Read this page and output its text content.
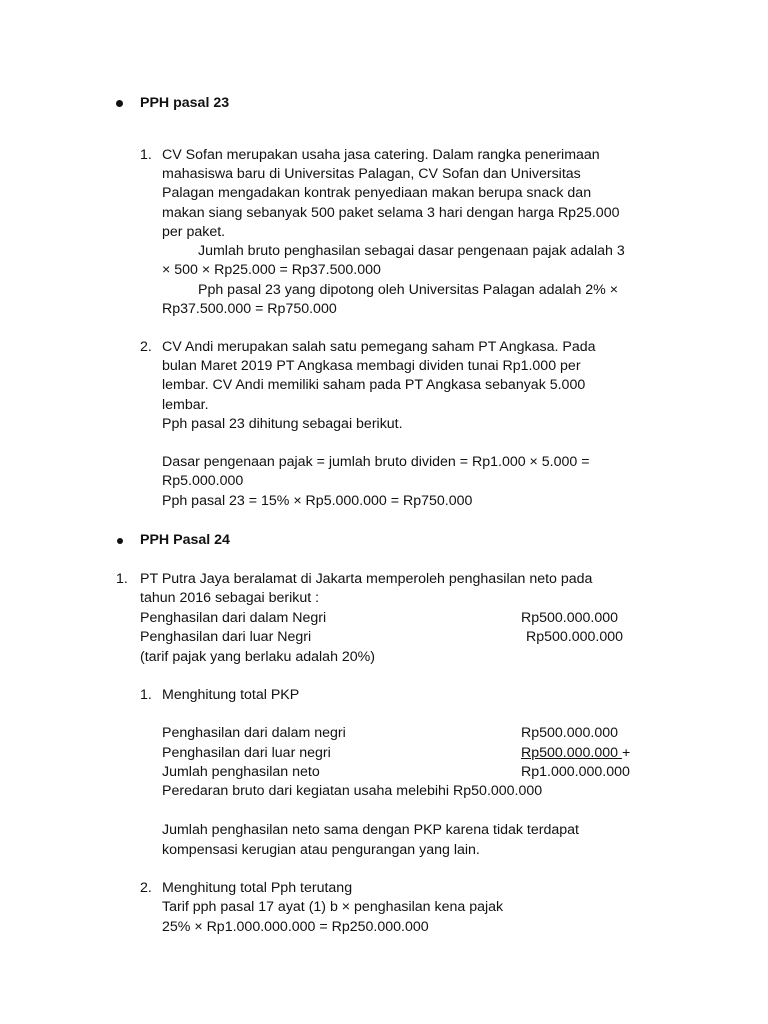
PPH pasal 23
1. CV Sofan merupakan usaha jasa catering. Dalam rangka penerimaan
mahasiswa baru di Universitas Palagan, CV Sofan dan Universitas
Palagan mengadakan kontrak penyediaan makan berupa snack dan
makan siang sebanyak 500 paket selama 3 hari dengan harga Rp25.000
per paket.
Jumlah bruto penghasilan sebagai dasar pengenaan pajak adalah 3
× 500 × Rp25.000 = Rp37.500.000
Pph pasal 23 yang dipotong oleh Universitas Palagan adalah 2% ×
Rp37.500.000 = Rp750.000
2. CV Andi merupakan salah satu pemegang saham PT Angkasa. Pada
bulan Maret 2019 PT Angkasa membagi dividen tunai Rp1.000 per
lembar. CV Andi memiliki saham pada PT Angkasa sebanyak 5.000
lembar.
Pph pasal 23 dihitung sebagai berikut.
Dasar pengenaan pajak = jumlah bruto dividen = Rp1.000 × 5.000 =
Rp5.000.000
Pph pasal 23 = 15% × Rp5.000.000 = Rp750.000
PPH Pasal 24
1. PT Putra Jaya beralamat di Jakarta memperoleh penghasilan neto pada
tahun 2016 sebagai berikut :
Penghasilan dari dalam Negri	Rp500.000.000
Penghasilan dari luar Negri	Rp500.000.000
(tarif pajak yang berlaku adalah 20%)
1. Menghitung total PKP
Penghasilan dari dalam negri	Rp500.000.000
Penghasilan dari luar negri	Rp500.000.000 +
Jumlah penghasilan neto	Rp1.000.000.000
Peredaran bruto dari kegiatan usaha melebihi Rp50.000.000
Jumlah penghasilan neto sama dengan PKP karena tidak terdapat
kompensasi kerugian atau pengurangan yang lain.
2. Menghitung total Pph terutang
Tarif pph pasal 17 ayat (1) b × penghasilan kena pajak
25% × Rp1.000.000.000 = Rp250.000.000
